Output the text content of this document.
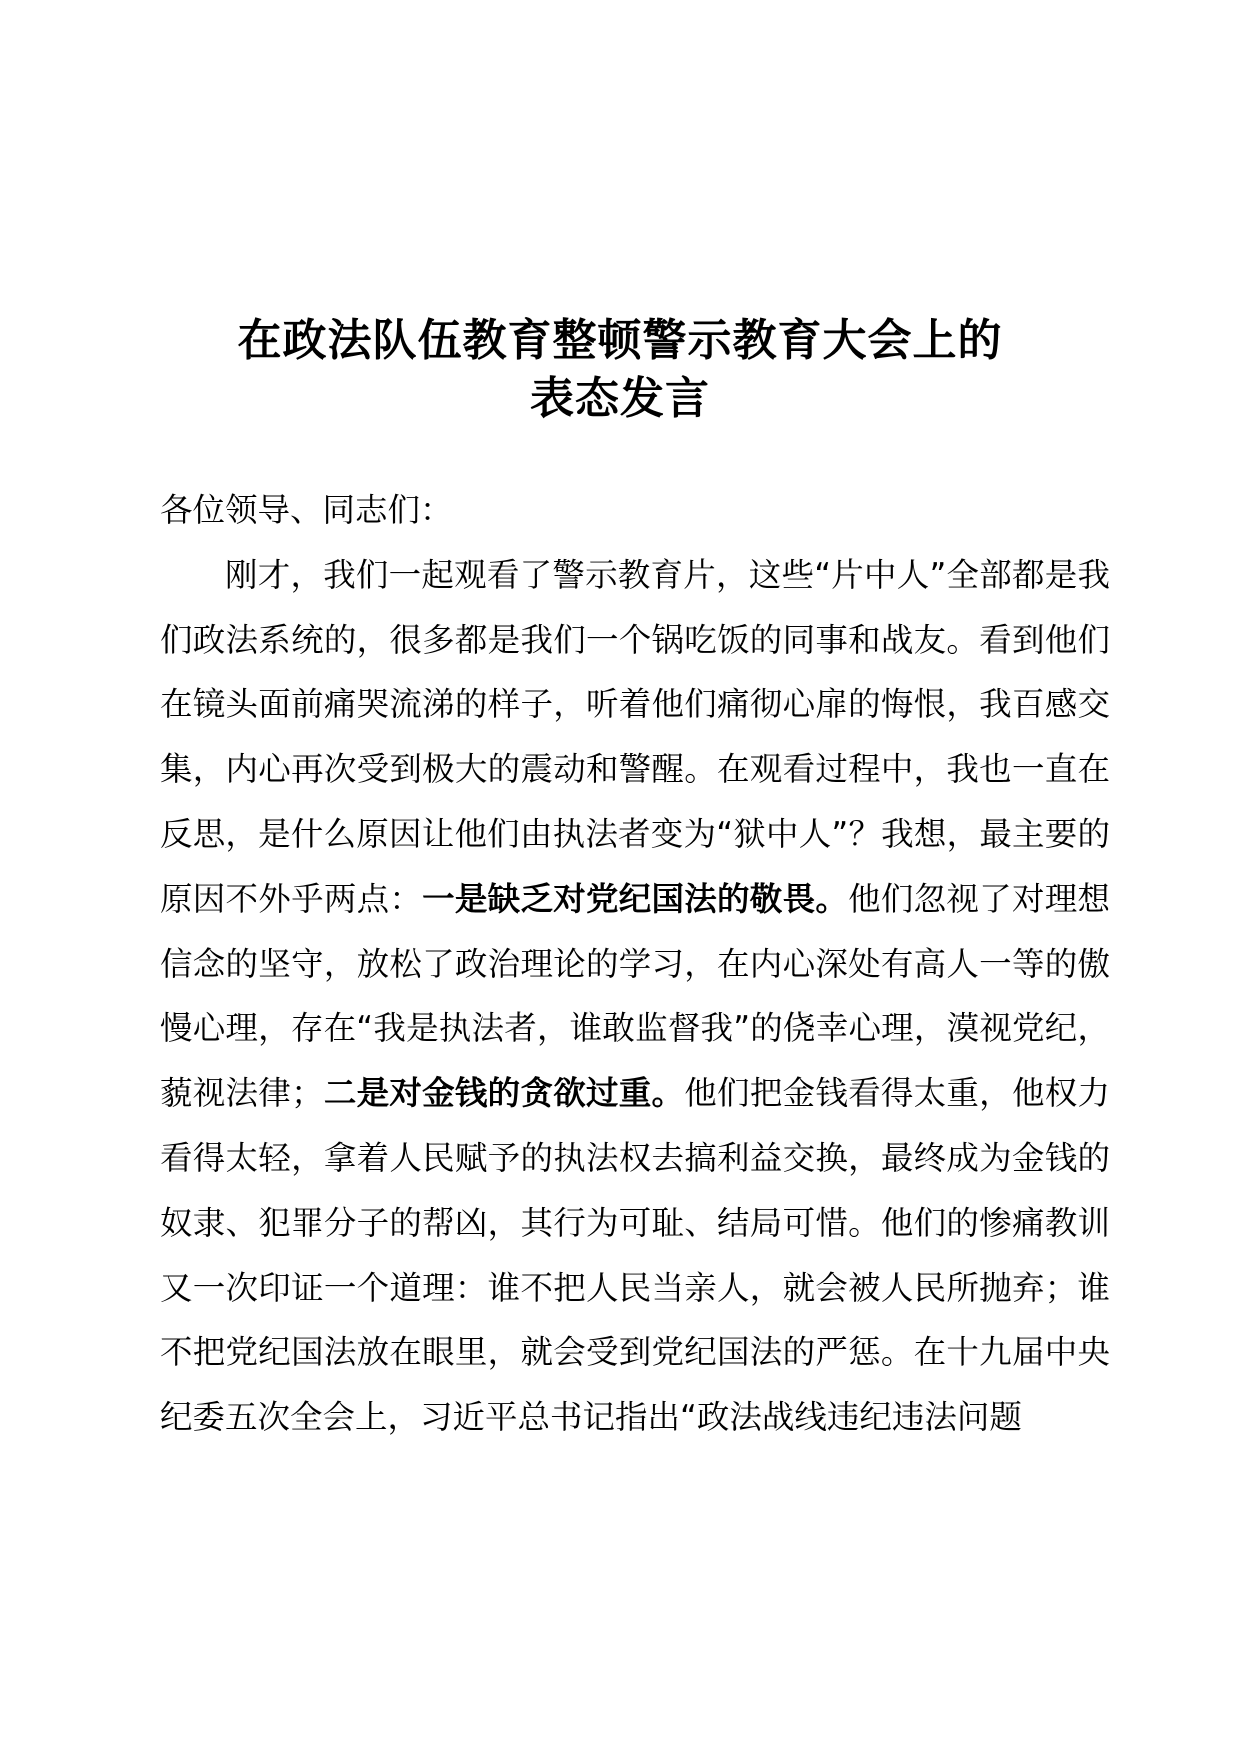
在政法队伍教育整顿警示教育大会上的
表态发言

各位领导、同志们：

刚才，我们一起观看了警示教育片，这些“片中人”全部都是我们政法系统的，很多都是我们一个锅吃饭的同事和战友。看到他们在镜头面前痛哭流涕的样子，听着他们痛彻心扉的悔恨，我百感交集，内心再次受到极大的震动和警醒。在观看过程中，我也一直在反思，是什么原因让他们由执法者变为“狱中人”？我想，最主要的原因不外乎两点：一是缺乏对党纪国法的敬畏。他们忽视了对理想信念的坚守，放松了政治理论的学习，在内心深处有高人一等的傲慢心理，存在“我是执法者，谁敢监督我”的侥幸心理，漠视党纪，藐视法律；二是对金钱的贪欲过重。他们把金钱看得太重，他权力看得太轻，拿着人民赋予的执法权去搞利益交换，最终成为金钱的奴隶、犯罪分子的帮凶，其行为可耻、结局可惜。他们的惨痛教训又一次印证一个道理：谁不把人民当亲人，就会被人民所抛弃；谁不把党纪国法放在眼里，就会受到党纪国法的严惩。在十九届中央纪委五次全会上，习近平总书记指出“政法战线违纪违法问题
